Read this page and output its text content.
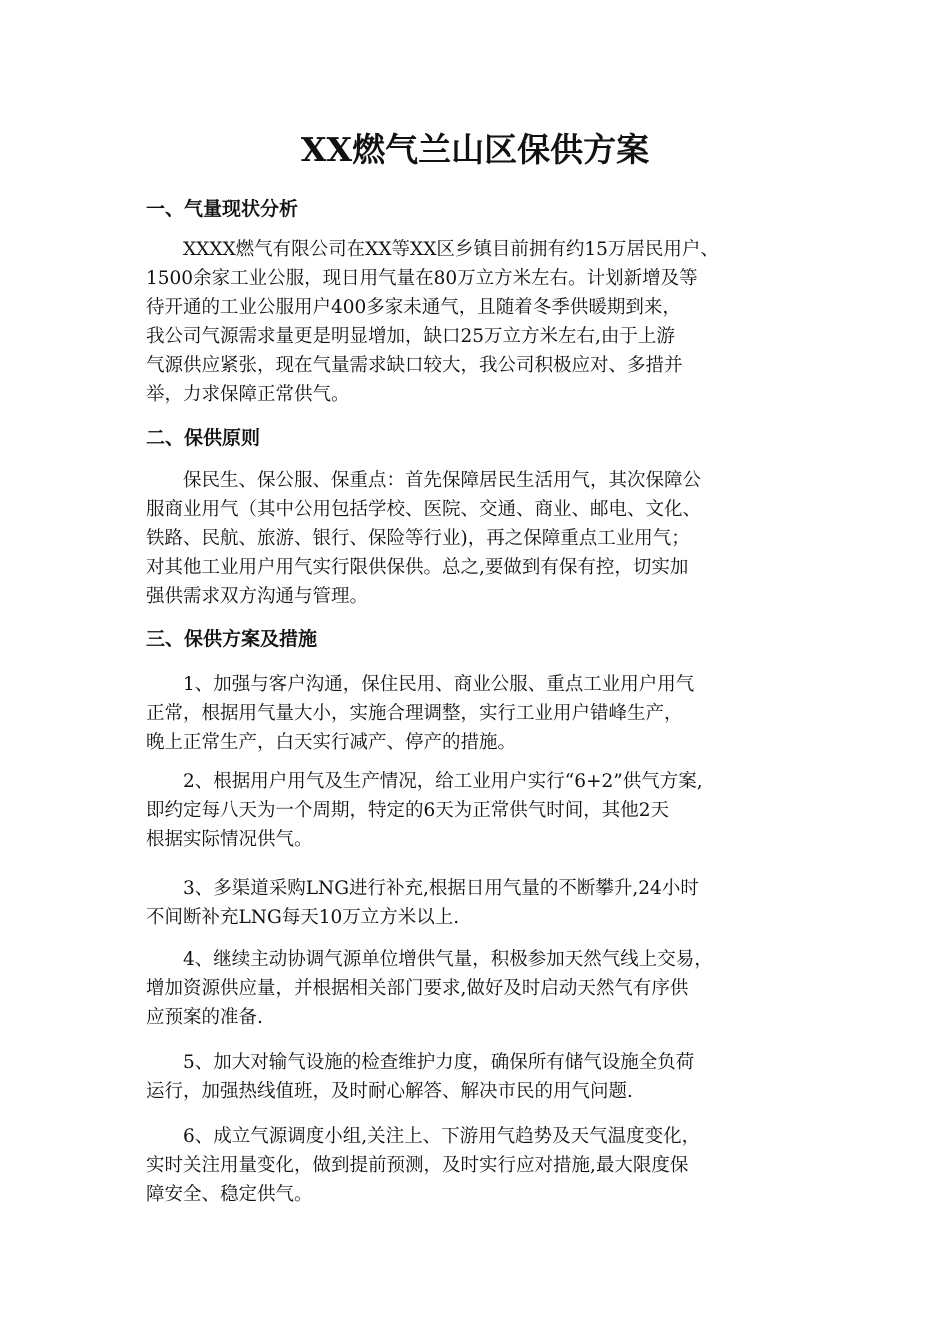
XX燃气兰山区保供方案
一、气量现状分析

　　XXXX燃气有限公司在XX等XX区乡镇目前拥有约15万居民用户、
1500余家工业公服，现日用气量在80万立方米左右。计划新增及等
待开通的工业公服用户400多家未通气，且随着冬季供暖期到来，
我公司气源需求量更是明显增加，缺口25万立方米左右,由于上游
气源供应紧张，现在气量需求缺口较大，我公司积极应对、多措并
举，力求保障正常供气。

二、保供原则

　　保民生、保公服、保重点：首先保障居民生活用气，其次保障公
服商业用气（其中公用包括学校、医院、交通、商业、邮电、文化、
铁路、民航、旅游、银行、保险等行业)，再之保障重点工业用气；
对其他工业用户用气实行限供保供。总之,要做到有保有控，切实加
强供需求双方沟通与管理。

三、保供方案及措施

　　1、加强与客户沟通，保住民用、商业公服、重点工业用户用气
正常，根据用气量大小，实施合理调整，实行工业用户错峰生产，
晚上正常生产，白天实行减产、停产的措施。

　　2、根据用户用气及生产情况，给工业用户实行“6+2”供气方案,
即约定每八天为一个周期，特定的6天为正常供气时间，其他2天
根据实际情况供气。

　　3、多渠道采购LNG进行补充,根据日用气量的不断攀升,24小时
不间断补充LNG每天10万立方米以上.

　　4、继续主动协调气源单位增供气量，积极参加天然气线上交易，
增加资源供应量，并根据相关部门要求,做好及时启动天然气有序供
应预案的准备.

　　5、加大对输气设施的检查维护力度，确保所有储气设施全负荷
运行，加强热线值班，及时耐心解答、解决市民的用气问题.

　　6、成立气源调度小组,关注上、下游用气趋势及天气温度变化，
实时关注用量变化，做到提前预测，及时实行应对措施,最大限度保
障安全、稳定供气。
